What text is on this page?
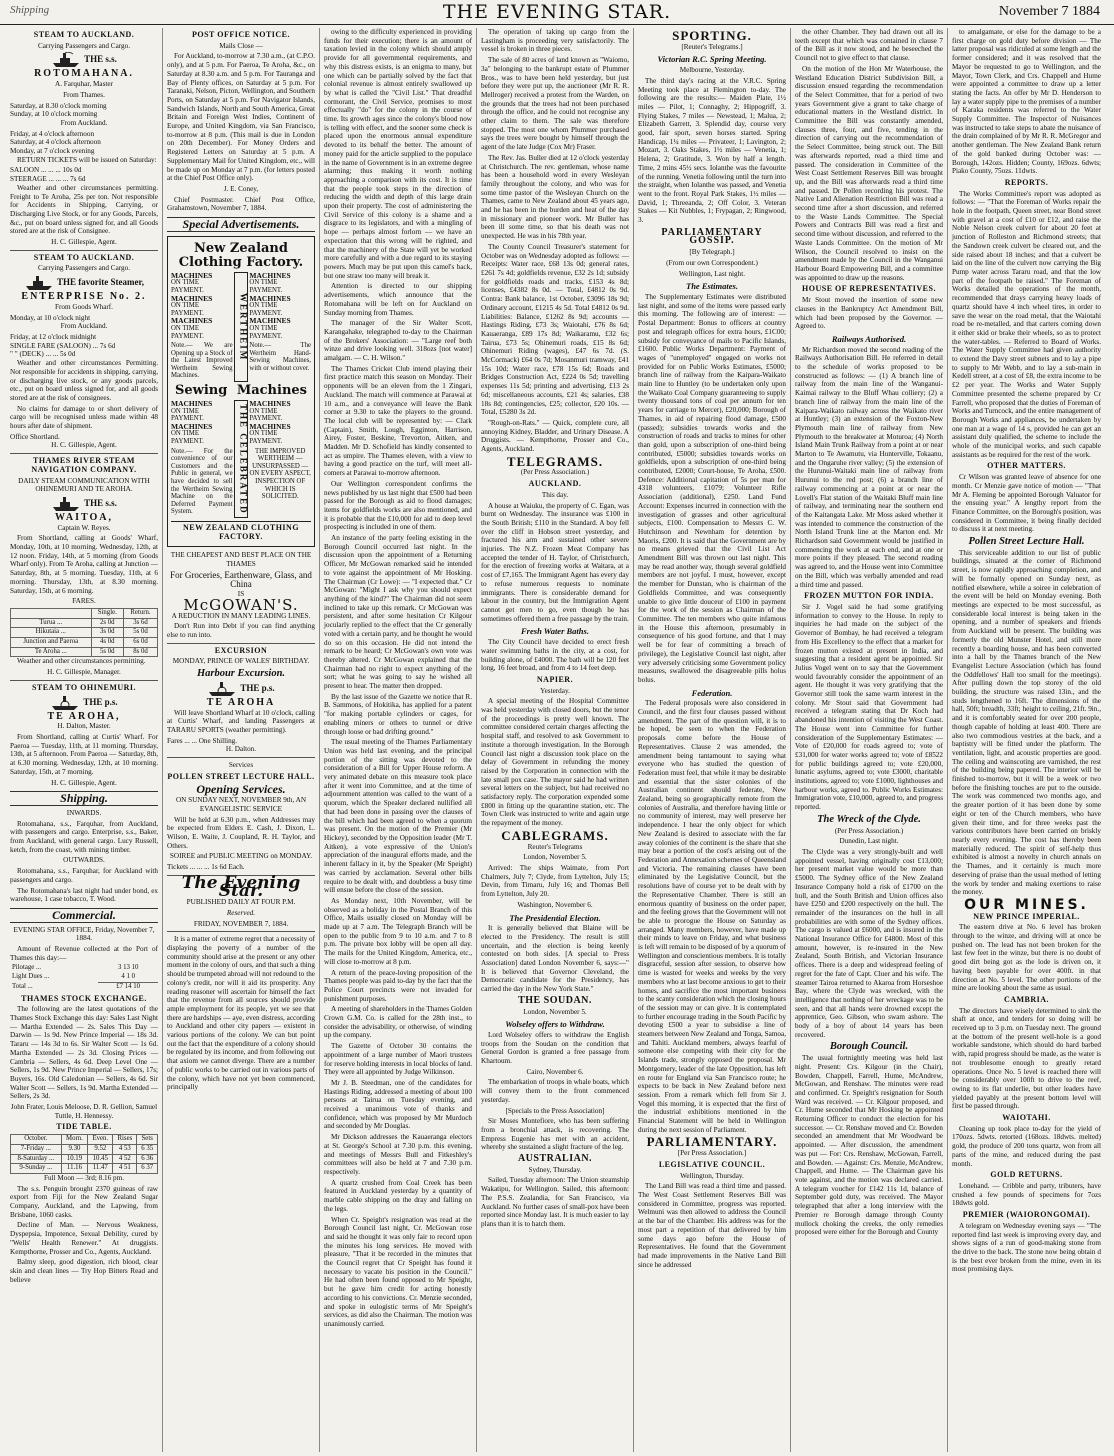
Shipping	THE EVENING STAR.	November 7 1884
STEAM TO AUCKLAND.

Carrying Passengers and Cargo.

THE s.s.

ROTOMAHANA.

A. Farquhar, Master

From Thames.

Saturday, at 8.30 o'clock morning

Sunday, at 10 o'clock morning

From Auckland.

Friday, at 4 o'clock afternoon

Saturday, at 4 o'clock afternoon

Monday, at 7 o'clock evening

RETURN TICKETS will be issued on Saturday:

SALOON ... ... ... 10s 0d

STEERAGE ... ... ... 7s 6d

Weather and other circumstances permitting. Freight to Te Aroha, 25s per ton. Not responsible for Accidents in Shipping, Carrying, or Discharging Live Stock, or for any Goods, Parcels, &c., put on board unless signed for, and all Goods stored are at the risk of Consignee.

H. C. Gillespie, Agent.

STEAM TO AUCKLAND.

Carrying Passengers and Cargo.

THE favorite Steamer,

ENTERPRISE No. 2.

From Goods Wharf.

Monday, at 10 o'clock night

From Auckland.

Friday, at 12 o'clock midnight

SINGLE FARE (SALOON) ... 7s 6d

" " (DECK) ... ... 5s 0d

Weather and other circumstances Permitting. Not responsible for accidents in shipping, carrying, or discharging live stock, or any goods parcels, etc., put on board unless signed for, and all goods stored are at the risk of consignees.

No claims for damage to or short delivery of cargo will be recognised unless made within 48 hours after date of shipment.

Office Shortland.

H. C. Gillespie, Agent.

THAMES RIVER STEAM NAVIGATION COMPANY.

DAILY STEAM COMMUNICATION WITH OHINEMURI AND TE AROHA.

THE s.s.

WAITOA,

Captain W. Reyes.

From Shortland, calling at Goods' Wharf, Monday, 10th, at 10 morning. Wednesday, 12th, at 12 noon. Friday, 14th, at 5 morning (from Goods Wharf only). From Te Aroha, calling at Junction — Saturday, 8th, at 5 morning. Tuesday, 11th, at 6 morning. Thursday, 13th, at 8.30 morning. Saturday, 15th, at 6 morning.

FARES.

	Single.	Return.
Turua ...	2s 0d	3s 6d
Hikutaia ...	3s 0d	5s 0d
Junction and Paeroa	4s 0d	6s 0d
Te Aroha ...	5s 0d	8s 0d

Weather and other circumstances permitting.

H. C. Gillespie, Manager.

STEAM TO OHINEMURI.

THE p.s.

TE AROHA,

H. Dalton, Master.

From Shortland, calling at Curtis' Wharf. For Paeroa — Tuesday, 11th, at 11 morning. Thursday, 13th, at 5 afternoon. From Paeroa — Saturday, 8th, at 6.30 morning. Wednesday, 12th, at 10 morning. Saturday, 15th, at 7 morning.

H. C. Gillespie, Agent.

Shipping.

INWARDS.

Rotomahana, s.s., Farquhar, from Auckland, with passengers and cargo. Enterprise, s.s., Baker, from Auckland, with general cargo. Lucy Russell, ketch, from the coast, with mining timber.

OUTWARDS.

Rotomahana, s.s., Farquhar, for Auckland with passengers and cargo.

The Rotomahana's last night had under bond, ex warehouse, 1 case tobacco, T. Wood.

Commercial.

EVENING STAR OFFICE, Friday, November 7, 1884.

Amount of Revenue collected at the Port of Thames this day:—

Pilotage ...	3 13 10
Light Dues ...	4 1 0
Total ...	£7 14 10
THAMES STOCK EXCHANGE.

The following are the latest quotations of the Thames Stock Exchange this day: Sales Last Night — Martha Extended — 2s. Sales This Day — Darwin — 1s 9d. New Prince Imperial — 18s 3d. Tararu — 14s 3d to 6s. Sir Walter Scott — 1s 6d. Martha Extended — 2s 3d. Closing Prices — Cambria — Sellers, 4s 6d. Deep Level One — Sellers, 1s 9d. New Prince Imperial — Sellers, 17s; Buyers, 16s. Old Caledonian — Sellers, 4s 6d. Sir Walter Scott — Sellers, 1s 9d. Martha Extended — Sellers, 2s 3d.

John Frater, Louis Meloose, D. R. Gellion, Samuel Tuttle, H. Hennessy.

TIDE TABLE.
October.	Morn.	Even.	Rises	Sets
7-Friday ...	9.30	9.52	4 53	6 35
8-Saturday ...	10.19	10.45	4 52	6 36
9-Sunday ...	11.16	11.47	4 51	6 37

Full Moon — 3rd; 8.16 pm.

The s.s. Penguin brought 2370 guineas of raw export from Fiji for the New Zealand Sugar Company, Auckland, and the Lapwing, from Brisbane, 1060 casks.

Decline of Man. — Nervous Weakness, Dyspepsia, Impotence, Sexual Debility, cured by "Wells' Health Renewer." At druggists. Kempthorne, Prosser and Co., Agents, Auckland.

Balmy sleep, good digestion, rich blood, clear skin and clean lines — Try Hop Bitters Read and believe

POST OFFICE NOTICE.

Mails Close —

For Auckland, to-morrow at 7.30 a.m., (at C.P.O. only), and at 5 p.m. For Paeroa, Te Aroha, &c., on Saturday at 8.30 a.m. and 5 p.m. For Tauranga and Bay of Plenty offices, on Saturday at 5 p.m. For Taranaki, Nelson, Picton, Wellington, and Southern Ports, on Saturday at 5 p.m. For Navigator Islands, Sandwich Islands, North and South America, Great Britain and Foreign West Indies, Continent of Europe, and United Kingdom, via San Francisco, to-morrow at 8 p.m. (This mail is due in London on 20th December). For Money Orders and Registered Letters on Saturday at 5 p.m. A Supplementary Mail for United Kingdom, etc., will be made up on Monday at 7 p.m. (for letters posted at the Chief Post Office only).

J. E. Coney,

Chief Postmaster. Chief Post Office, Grahamstown, November 7, 1884.

Special Advertisements.
New Zealand Clothing Factory.
MACHINES
ON TIME
PAYMENT.
MACHINES
ON TIME
PAYMENT.
MACHINES
ON TIME
PAYMENT.

Note.— We are Opening up a Stock of the Latest Improved Wertheim Sewing Machines.

WERTHEIM
MACHINES
ON TIME
PAYMENT.
MACHINES
ON TIME
PAYMENT.
MACHINES
ON TIME
PAYMENT.

Note.— The Wertheim Hand-Sewing Machines, with or without cover.

Sewing Machines
MACHINES
ON TIME
PAYMENT.
MACHINES
ON TIME
PAYMENT.

Note.— For the convenience of our Customers and the Public in general, we have decided to sell the Wertheim Sewing Machine on the Deferred Payment System.	THE CELEBRATED
MACHINES
ON TIME
PAYMENT.
MACHINES
ON TIME
PAYMENT.

THE IMPROVED WERTHEIM — UNSURPASSED — ON EVERY ASPECT, INSPECTION OF WHICH IS SOLICITED.

NEW ZEALAND CLOTHING FACTORY.

THE CHEAPEST AND BEST PLACE ON THE THAMES

For Groceries, Earthenware, Glass, and China

IS

McGOWAN'S.

A REDUCTION IN MANY LEADING LINES.

Don't Run into Debt if you can find anything else to run into.

EXCURSION

MONDAY, PRINCE OF WALES' BIRTHDAY.

Harbour Excursion.

THE p.s.

TE AROHA

Will leave Shortland Wharf at 10 o'clock, calling at Curtis' Wharf, and landing Passengers at TARARU SPORTS (weather permitting).

Fares ... ... One Shilling.

H. Dalton.

Services

POLLEN STREET LECTURE HALL.
Opening Services.

ON SUNDAY NEXT, NOVEMBER 9th, AN EVANGELISTIC SERVICE

Will be held at 6.30 p.m., when Addresses may be expected from Elders E. Cash, J. Dixon, L. Wilson, E. Waite, J. Coupland, R. H. Taylor, and Others.

SOIREE and PUBLIC MEETING on MONDAY.

Tickets ... ... ... 1s 6d Each.

The Evening Star.

PUBLISHED DAILY AT FOUR P.M.

Reserved.

FRIDAY, NOVEMBER 7, 1884.

It is a matter of extreme regret that a necessity of displaying the poverty of a number of the community should arise at the present or any other moment in the colony of ours, and that such a thing should be trumpeted abroad will not redound to the colony's credit, nor will it aid its prosperity. Any reading reasoner will ascertain for himself the fact that the revenue from all sources should provide ample employment for its people, yet we see that there are hardships — aye, even distress, according to Auckland and other city papers — existent in various portions of the colony. We can but point out the fact that the expenditure of a colony should be regulated by its income, and from following out that axiom we cannot diverge. There are a number of public works to be carried out in various parts of the colony, which have not yet been commenced, principally

owing to the difficulty experienced in providing funds for their execution; there is an amount of taxation levied in the colony which should amply provide for all governmental requirements, and why this distress exists, is an enigma to many, but one which can be partially solved by the fact that colonial revenue is almost entirely swallowed up by what is called the "Civil List." That dreadful cormorant, the Civil Service, promises to most effectually "do" for the colony in the course of time. Its growth ages since the colony's blood now is telling with effect, and the sooner some check is placed upon the enormous annual expenditure devoted to its behalf the better. The amount of money paid for the article supplied to the populace in the name of Government is in an extreme degree alarming; thus making it worth nothing approaching a comparison with its cost. It is time that the people took steps in the direction of reducing the width and depth of this large drain upon their property. The cost of administering the Civil Service of this colony is a shame and a disgrace to its legislators, and with a mingling of hope — perhaps almost forlorn — we have an expectation that this wrong will be righted, and that the machinery of the State will yet be worked more carefully and with a due regard to its staying powers. Much may be put upon this camel's back, but one straw too many will break it.

Attention is directed to our shipping advertisements, which announce that the Rotomahana will be left on for Auckland on Sunday morning from Thames.

The manager of the Sir Walter Scott, Karangahake, telegraphed to-day to the Chairman of the Brokers' Association: — "Large reef both winze and drive looking well. 318ozs [not water] amalgam. — C. H. Wilson."

The Thames Cricket Club intend playing their first practice match this season on Monday. Their opponents will be an eleven from the 1 Zingari, Auckland. The match will commence at Parawai at 10 a.m., and a conveyance will leave the Bank corner at 9.30 to take the players to the ground. The local club will be represented by: — Clark (Captain), Smith, Lough, Egginton, Harrison, Airey, Foster, Beskine, Trevorton, Aitken, and Madden. Mr D. Schofield has kindly consented to act as umpire. The Thames eleven, with a view to having a good practice on the turf, will meet all-comers at Parawai to-morrow afternoon.

Our Wellington correspondent confirms the news published by us last night that £500 had been passed for the Borough as aid to flood damages; items for goldfields works are also mentioned, and it is probable that the £10,000 for aid to deep level prospecting is included in one of them.

An instance of the party feeling existing in the Borough Council occurred last night. In the discussion upon the appointment of a Returning Officer, Mr McGowan remarked said he intended to vote against the appointment of Mr Hosking. The Chairman (Cr Lowe): — "I expected that." Cr McGowan: "Might I ask why you should expect anything of the kind?" The Chairman did not seem inclined to take up this remark. Cr McGowan was persistent, and after some hesitation Cr Kilgour jocularly replied to the effect that the Cr generally voted with a certain party, and he thought he would do so on this occasion. He did not intend the remark to be heard; Cr McGowan's own vote was thereby altered. Cr McGowan explained that the Chairman had no right to expect anything of the sort; what he was going to say he wished all present to hear. The matter then dropped.

By the last issue of the Gazette we notice that R. B. Sammons, of Hokitika, has applied for a patent "for making portable cylinders or cages, for enabling miners or others to tunnel or drive through loose or bad drifting ground."

The usual meeting of the Thames Parliamentary Union was held last evening, and the principal portion of the sitting was devoted to the consideration of a Bill for Upper House reform. A very animated debate on this measure took place after it went into Committee, and at the time of adjournment attention was called to the want of a quorum, which the Speaker declared nullified all that had been done in passing over the clauses of the bill which had been agreed to when a quorum was present. On the motion of the Premier (Mr Hickey), seconded by the Opposition leader (Mr T. Aitken), a vote expressive of the Union's appreciation of the inaugural efforts made, and the inherent fallacy in it, by the Speaker (Mr Speight) was carried by acclamation. Several other bills require to be dealt with, and doubtless a busy time will ensue before the close of the session.

As Monday next, 10th November, will be observed as a holiday in the Postal Branch of this Office, Mails usually closed on Monday will be made up at 7 a.m. The Telegraph Branch will be open to the public from 9 to 10 a.m. and 7 to 8 p.m. The private box lobby will be open all day. The mails for the United Kingdom, America, etc., will close to-morrow at 8 p.m.

A return of the peace-loving proposition of the Thames people was paid to-day by the fact that the Police Court precincts were not invaded for punishment purposes.

A meeting of shareholders in the Thames Golden Crown G.M. Co. is called for the 28th inst., to consider the advisability, or otherwise, of winding up the company.

The Gazette of October 30 contains the appointment of a large number of Maori trustees for reserve holding interests in local blocks of land. They were all appointed by Judge Wilkinson.

Mr J. B. Steedman, one of the candidates for Hastings Riding, addressed a meeting of about 100 persons at Tairua on Tuesday evening, and received a unanimous vote of thanks and confidence, which was proposed by Mr Murdoch and seconded by Mr Douglas.

Mr Dickson addresses the Kauaeranga electors at St. George's School at 7.30 p.m. this evening, and meetings of Messrs Bull and Fitkeshley's committees will also be held at 7 and 7.30 p.m. respectively.

A quartz crushed from Coal Creek has been featured in Auckland yesterday by a quantity of marble cable shipping on the dray and falling on the legs.

When Cr. Speight's resignation was read at the Borough Council last night, Cr. McGowan rose and said he thought it was only fair to record upon the minutes his long services. He moved with pleasure, "That it be recorded in the minutes that the Council regret that Cr Speight has found it necessary to vacate his position in the Council." He had often been found opposed to Mr Speight, but he gave him credit for acting honestly according to his convictions. Cr. Menzie seconded, and spoke in eulogistic terms of Mr Speight's services, as did also the Chairman. The motion was unanimously carried.

The operation of taking up cargo from the Lastingham is proceeding very satisfactorily. The vessel is broken in three pieces.

The sale of 80 acres of land known as "Waiomo, 3a" belonging to the bankrupt estate of Plummer Bros., was to have been held yesterday, but just before they were put up, the auctioneer (Mr R. R. Mellroger) received a protest from the Warden, on the grounds that the trees had not been purchased through the office, and he could not recognise any other claim to them. The sale was therefore stopped. The most one whom Plummer purchased says the trees were bought by himself through the agent of the late Judge (Cox Mr) Fraser.

The Rev. Jas. Buller died at 12 o'clock yesterday at Christchurch. The rev. gentleman, whose name has been a household word in every Wesleyan family throughout the colony, and who was for some time pastor of the Wesleyan Church on the Thames, came to New Zealand about 45 years ago, and he has been in the burden and heat of the day in missionary and pioneer work. Mr Buller has been ill some time, so that his death was not unexpected. He was in his 78th year.

The County Council Treasurer's statement for October was on Wednesday adopted as follows: — Receipts: Water race, £68 13s 0d; general rates, £261 7s 4d; goldfields revenue, £32 2s 1d; subsidy for goldfields roads and tracks, £153 4s 8d; licenses, £4382 8s 0d. — Total, £4812 0s 9d. Contra: Bank balance, 1st October, £3096 18s 9d; Ordinary account, £1215 4s 5d. Total £4812 0s 9d. Liabilities: Balance, £1262 8s 9d; accounts — Hastings Riding, £73 3s; Waiotahi, £76 8s 6d; Kauaeranga, £89 17s 8d; Waikaramu, £32 6s; Tairua, £73 5s; Ohinemuri roads, £15 8s 6d; Ohinemuri Riding (wages), £47 6s 7d. (S. McCormack) £64 0s 7d; Mosanmuri tramway, £41 15s 10d; Water race, £78 15s 6d; Roads and Bridges Construction Act, £224 0s 5d; travelling expenses 11s 5d; printing and advertising, £13 2s 6d; miscellaneous accounts, £21 4s; salaries, £38 18s 8d; contingencies, £25; collector, £20 10s. — Total, £5280 3s 2d.

"Rough-on-Rats." — Quick, complete cure, all annoying Kidney, Bladder, and Urinary Disease. A Druggists. — Kempthorne, Prosser and Co., Agents, Auckland.

TELEGRAMS.

(Per Press Association.)

AUCKLAND.

This day.

A house at Waiuku, the property of C. Egan, was burnt on Wednesday. The insurance was £100 in the South British; £110 in the Standard. A boy fell over the cliff in Hobson street yesterday, and fractured his arm and sustained other severe injuries. The N.Z. Frozen Meat Company has accepted the tender of H. Taylor, of Christchurch, for the erection of freezing works at Waitara, at a cost of £7,165. The Immigrant Agent has every day to refuse numerous requests to nominate immigrants. There is considerable demand for labour in the country, but the Immigration Agent cannot get men to go, even though he has sometimes offered them a free passage by the train.

Fresh Water Baths.

The City Council have decided to erect fresh water swimming baths in the city, at a cost, for building alone, of £4000. The bath will be 120 feet long, 16 feet broad, and from 4 to 14 feet deep.

NAPIER.

Yesterday.

A special meeting of the Hospital Committee was held yesterday with closed doors, but the tenor of the proceedings is pretty well known. The committee considered certain charges affecting the hospital staff, and resolved to ask Government to institute a thorough investigation. In the Borough Council last night a discussion took place on the delay of Government in refunding the money raised by the Corporation in connection with the late small pox case. The mayor said he had written several letters on the subject, but had received no satisfactory reply. The corporation expended some £800 in fitting up the quarantine station, etc. The Town Clerk was instructed to write and again urge the repayment of the money.

CABLEGRAMS.

Reuter's Telegrams

London, November 5.

Arrived: The ships Waimate, from Port Chalmers, July 7; Clyde, from Lyttelton, July 15; Devin, from Timaru, July 16; and Thomas Bell from Lyttelton, July 20.

Washington, November 6.

The Presidential Election.

It is generally believed that Blaine will be elected to the Presidency. The result is still uncertain, and the election is being keenly contested on both sides. [A special to Press Association] dated London November 6, says:—" It is believed that Governor Cleveland, the Democratic candidate for the Presidency, has carried the day in the New York State."

THE SOUDAN.

London, November 5.

Wolseley offers to Withdraw.

Lord Wolseley offers to withdraw the English troops from the Soudan on the condition that General Gordon is granted a free passage from Khartoum.

Cairo, November 6.

The embarkation of troops in whale boats, which will convey them to the front commenced yesterday.

[Specials to the Press Association]

Sir Moses Montefiore, who has been suffering from a bronchial attack, is recovering. The Empress Eugenie has met with an accident, whereby she sustained a slight fracture of the leg.

AUSTRALIAN.

Sydney, Thursday.

Sailed, Tuesday afternoon: The Union steamship Wakatipu, for Wellington. Sailed, this afternoon: The P.S.S. Zealandia, for San Francisco, via Auckland. No further cases of small-pox have been reported since Monday last. It is much easier to lay plans than it is to hatch them.

SPORTING.

[Reuter's Telegrams.]

Victorian R.C. Spring Meeting.

Melbourne, Yesterday.

The third day's racing at the V.R.C. Spring Meeting took place at Flemington to-day. The following are the results:— Maiden Plate, 1½ miles — Pilot, 1; Connaghy, 2; Hippogriff, 3. Flying Stakes, 7 miles — Newstead, 1; Malua, 2; Elizabeth Garrett, 3. Splendid day, course very good, fair sport, seven horses started. Spring Handicap, 1¼ miles — Privateer, 1; Lavington, 2; Mozart, 3. Oaks Stakes, 1½ miles — Venetia, 1; Helena, 2; Gratitude, 3. Won by half a length. Time, 2 mins 45½ secs. Iolanthe was the favourite of the running. Venetia following until the turn into the straight, when Iolanthe was passed, and Venetia went to the front. Royal Park Stakes, 1½ miles — David, 1; Threeanda, 2; Off Color, 3. Veteran Stakes — Kit Nubbles, 1; Frypagan, 2; Ringwood, 3.

PARLIAMENTARY GOSSIP.

[By Telegraph.]

(From our own Correspondent.)

Wellington, Last night.

The Estimates.

The Supplementary Estimates were distributed last night, and some of the items were passed early this morning. The following are of interest: — Postal Department: Bonus to officers at country post and telegraph offices for extra hours, £1C00; subsidy for conveyance of mails to Pacific Islands, £1600. Public Works Department: Payment of wages of "unemployed" engaged on works not provided for on Public Works Estimates, £5000; branch line of railway from the Kaipara-Waikato main line to Huntley (to be undertaken only upon the Waikato Coal Company guaranteeing to supply twenty thousand tons of coal per annum for ten years for carriage to Mercer), £20,000; Borough of Thames, in aid of repairing flood damage, £500 (passed); subsidies towards works and the construction of roads and tracks to mines for other than gold, upon a subscription of one-third being contributed, £5000; subsidies towards works on goldfields, upon a subscription of one-third being contributed, £2000; Court-house, Te Aroha, £500. Defence: Additional capitation of 5s per man for 4318 volunteers, £1079; Volunteer Rifle Association (additional), £250. Land Fund Account: Expenses incurred in connection with the investigation of grasses and other agricultural subjects, £100. Compensation to Messrs C. W. Hutchinson and Newnham for detention by Maoris, £200. It is said that the Government are by no means grieved that the Civil List Act Amendment Bill was thrown out last night. This may be read another way, though several goldfield members are not joyful. I must, however, except the member for Dunstan, who is chairman of the Goldfields Committee, and was consequently unable to give little douceur of £100 in payment for the work of the session as Chairman of the Committee. The ten members who quite infamous in the House this afternoon, presumably in consequence of his good fortune, and that I may well be for fear of committing a breach of privilege), the Legislative Council last night, after very adversely criticising some Government policy measures, swallowed the disagreeable pills holus bolus.

Federation.

The Federal proposals were also considered in Council, and the first four clauses passed without amendment. The part of the question will, it is to be hoped, be seen to when the Federation proposals come before the House of Representatives. Clause 2 was amended, the amendment being tantamount to saying what everyone who has studied the question of Federation must feel, that while it may be desirable and essential that the sister colonies of the Australian continent should federate, New Zealand, being so geographically remote from the colonies of Australia, and therefore having little or no community of interest, may well preserve her independence. I hear the only object for which New Zealand is desired to associate with the far away colonies of the continent is the share that she may bear a portion of the cost's arising out of the Federation and Annexation schemes of Queensland and Victoria. The remaining clauses have been eliminated by the Legislative Council, but the resolutions have of course yet to be dealt with by the Representative Chamber. There is still an enormous quantity of business on the order paper, and the feeling grows that the Government will not be able to prorogue the House on Saturday as arranged. Many members, however, have made up their minds to leave on Friday, and what business is left will remain to be disposed of by a quorum of Wellington and conscientious members. It is totally disgraceful, session after session, to observe how time is wasted for weeks and weeks by the very members who at last become anxious to get to their homes, and sacrifice the most important business to the scanty consideration which the closing hours of the session may or can give. It is contemplated to further encourage trading in the South Pacific by devoting £500 a year to subsidise a line of steamers between New Zealand and Tonga, Samoa, and Tahiti. Auckland members, always fearful of someone else competing with their city for the Islands trade, strongly opposed the proposal. Mr Montgomery, leader of the late Opposition, has left en route for England via San Francisco route; he expects to be back in New Zealand before next session. From a remark which fell from Sir J. Vogel this morning, it is expected that the first of the industrial exhibitions mentioned in the Financial Statement will be held in Wellington during the next session of Parliament.

PARLIAMENTARY.

[Per Press Association.]

LEGISLATIVE COUNCIL.

Wellington, Thursday.

The Land Bill was read a third time and passed. The West Coast Settlement Reserves Bill was considered in Committee, progress was reported. Welmuni was then allowed to address the Council at the bar of the Chamber. His address was for the most part a repetition of that delivered by him some days ago before the House of Representatives. He found that the Government had made improvements in the Native Land Bill since he addressed

the other Chamber. They had drawn out all its teeth except that which was contained in clause 7 of the Bill as it now stood, and he beseeched the Council not to give effect to that clause.

On the motion of the Hon Mr Waterhouse, the Westland Education District Subdivision Bill, a discussion ensued regarding the recommendation of the Select Committee, that for a period of two years Government give a grant to take charge of educational matters in the Westland district. In Committee the Bill was constantly amended, clauses three, four, and five, tending in the direction of carrying out the recommendation of the Select Committee, being struck out. The Bill was afterwards reported, read a third time and passed. The consideration in Committee of the West Coast Settlement Reserves Bill was brought up, and the Bill was afterwards read a third time and passed. Dr Pollen recording his protest. The Native Land Alienation Restriction Bill was read a second time after a short discussion, and referred to the Waste Lands Committee. The Special Powers and Contracts Bill was read a first and second time without discussion, and referred to the Waste Lands Committee. On the motion of Mr Wilson, the Council resolved to insist on the amendment made by the Council in the Wanganui Harbour Board Empowering Bill, and a committee was appointed to draw up the reasons.

HOUSE OF REPRESENTATIVES.

Mr Stout moved the insertion of some new clauses in the Bankruptcy Act Amendment Bill, which had been proposed by the Governor. — Agreed to.

Railways Authorised.

Mr Richardson moved the second reading of the Railways Authorisation Bill. He referred in detail to the schedule of works proposed to be constructed as follows: — (1) A branch line of railway from the main line of the Wanganui-Kaimai railway to the Bluff Whau colliery; (2) a branch line of railway from the main line of the Kaipara-Waikato railway across the Waikato river at Huntley; (3) an extension of the Foxton-New Plymouth main line of railway from New Plymouth to the breakwater at Moturoa; (4) North Island Main Trunk Railway from a point at or near Marton to Te Awamutu, via Hunterville, Tokaanu, and the Ongaruhe river valley; (5) the extension of the Hurunui-Waitaki main line of railway from Hurunui to the red post; (6) a branch line of railway commencing at a point at or near the Lovell's Flat station of the Waitaki Bluff main line of railway, and terminating near the southern end of the Kaitangata Lake. Mr Moss asked whether it was intended to commence the construction of the North Island Trunk line at the Marton end. Mr Richardson said Government would be justified in commencing the work at each end, and at one or more points if they pleased. The second reading was agreed to, and the House went into Committee on the Bill, which was verbally amended and read a third time and passed.

FROZEN MUTTON FOR INDIA.

Sir J. Vogel said he had some gratifying information to convey to the House. In reply to inquiries he had made on the subject of the Governor of Bombay, he had received a telegram from His Excellency to the effect that a market for frozen mutton existed at present in India, and suggesting that a resident agent be appointed. Sir Julius Vogel went on to say that the Government would favourably consider the appointment of an agent. He thought it was very gratifying that the Governor still took the same warm interest in the colony. Mr Stout said that Government had received a telegram stating that Dr Koch had abandoned his intention of visiting the West Coast. The House went into Committee for further consideration of the Supplementary Estimates: — Vote of £20,000 for roads agreed to; vote of £31,000 for water works agreed to; vote of £8522 for public buildings agreed to; vote £20,000, lunatic asylums, agreed to; vote £3000, charitable institutions, agreed to; vote £1000, lighthouses and harbour works, agreed to. Public Works Estimates: Immigration vote, £10,000, agreed to, and progress reported.

The Wreck of the Clyde.

(Per Press Association.)

Dunedin, Last night.

The Clyde was a very strongly-built and well appointed vessel, having originally cost £13,000; her present market value would be more than £5000. The Sydney office of the New Zealand Insurance Company hold a risk of £1700 on the hull, and the South British and Union offices also have £250 and £200 respectively on the hull. The remainder of the insurances on the hull in all probabilities are with some of the Sydney offices. The cargo is valued at £6000, and is insured in the National Insurance Office for £4800. Most of this amount, however, is re-insured in the New Zealand, South British, and Victorian Insurance offices. There is a deep and widespread feeling of regret for the fate of Capt. Cluer and his wife. The steamer Tairoa returned to Akaroa from Horseshoe Bay, where the Clyde was wrecked, with the intelligence that nothing of her wreckage was to be seen, and that all hands were drowned except the apprentice, Geo. Gibson, who swam ashore. The body of a boy of about 14 years has been recovered.

Borough Council.

The usual fortnightly meeting was held last night. Present: Crs. Kilgour (in the Chair), Bowden, Chappell, Farrell, Hume, McAndrew, McGowan, and Renshaw. The minutes were read and confirmed. Cr. Speight's resignation for South Ward was received. — Cr. Kilgour proposed, and Cr. Hume seconded that Mr Hosking be appointed Returning Officer to conduct the election for his successor. — Cr. Renshaw moved and Cr. Bowden seconded an amendment that Mr Woodward be appointed. — After discussion, the amendment was put — For: Crs. Renshaw, McGowan, Farrell, and Bowden. — Against: Crs. Menzie, McAndrew, Chappell, and Hume. — The Chairman gave his vote against, and the motion was declared carried. A telegram voucher for £142 11s 1d, balance of September gold duty, was received. The Mayor telegraphed that after a long interview with the Premier re Borough damage through County mullock choking the creeks, the only remedies proposed were either for the Borough and County

to amalgamate, or else for the damage to be a first charge on gold duty before division — The latter proposal was ridiculed at some length and the former considered; and it was resolved that the Mayor be requested to go to Wellington, and the Mayor, Town Clerk, and Crs. Chappell and Hume were appointed a committee to draw up a letter stating the facts. An offer by Mr D. Henderson to lay a water supply pipe to the premises of a number of Karaka residents was referred to the Water Supply Committee. The Inspector of Nuisances was instructed to take steps to abate the nuisance of the drain complained of by Mr R. R. McGregor and another gentleman. The New Zealand Bank return of the gold banked during October was: — Borough, 142ozs. Hidden; County, 169ozs. 6dwts; Piako County, 75ozs. 11dwts.

REPORTS.

The Works Committee's report was adopted as follows: — "That the Foreman of Works repair the hole in the footpath, Queen street, near Bond street with gravel at a cost of £10 or £12, and raise the Noble Nelson creek culvert for about 20 feet at junction of Rolleston and Richmond streets; that the Sandown creek culvert be cleared out, and the side raised about 18 inches; and that a culvert be laid on the line of the culvert now carrying the Big Pump water across Tararu road, and that the low part of the footpath be raised." The Foreman of Works detailed the operations of the month, recommended that drays carrying heavy loads of quartz should have 4 inch wheel tires, in order to save the wear on the road metal, that the Waiotahi road be re-metalled, and that carters coming down it either skid or brake their wheels, so as to protect the water-tables. — Referred to Board of Works. The Water Supply Committee had given authority to extend the Davy street subnets and to lay a pipe to supply to Mr Webb, and to lay a sub-main in Kedell street, at a cost of £8, the extra income to be £2 per year. The Works and Water Supply Committee presented the scheme prepared by Cr Farrell, who proposed that the duties of Foreman of Works and Turncock, and the entire management of Borough Works and appliances, be undertaken by one man at a wage of 14 s, provided he can get an assistant duly qualified, the scheme to include the whole of the municipal works, and such capable assistants as be required for the rest of the work.

OTHER MATTERS.

Cr Wilson was granted leave of absence for one month. Cr Menzie gave notice of motion — "That Mr A. Fleming be appointed Borough Valuator for the ensuing year." A lengthy report from the Finance Committee, on the Borough's position, was considered in Committee, it being finally decided to discuss it at next meeting.

Pollen Street Lecture Hall.

This serviceable addition to our list of public buildings, situated at the corner of Richmond street, is now rapidly approaching completion, and will be formally opened on Sunday next, as notified elsewhere, while a soiree in celebration of the event will be held on Monday evening. Both meetings are expected to be most successful, as considerable local interest is being taken in the opening, and a number of speakers and friends from Auckland will be present. The building was formerly the old Munster Hotel, and still more recently a boarding house, and has been converted into a hall by the Thames branch of the New Evangelist Lecture Association (which has found the Oddfellows' Hall too small for the meetings). After pulling down the top storey of the old building, the structure was raised 13in., and the studs lengthened to 16ft. The dimensions of the hall, 50ft; breadth, 33ft; height to ceiling, 21ft. 9in., and it is comfortably seated for over 200 people, though capable of holding at least 400. There are also two commodious vestries at the back, and a baptistry will be fitted under the platform. The ventilation, light, and acoustic properties are good. The ceiling and wainscoting are varnished, the rest of the building being papered. The interior will be finished to-morrow, but it will be a week or two before the finishing touches are put to the outside. The work was commenced two months ago, and the greater portion of it has been done by some eight or ten of the Church members, who have given their time, and for three weeks past the various contributors have been carried on briskly nearly every evening. The cost has thereby been materially reduced. The spirit of self-help thus exhibited is almost a novelty in church annals on the Thames, and it certainly is much more deserving of praise than the usual method of letting the work by tender and making exertions to raise the money.

OUR MINES.
NEW PRINCE IMPERIAL.

The eastern drive at No. 6 level has broken through to the winze, and driving will at once be pushed on. The lead has not been broken for the last few feet in the winze, but there is no doubt of good dirt being got as the lode is driven on, it having been payable for over 400ft. in that direction at No. 5 level. The other portions of the mine are looking about the same as usual.

CAMBRIA.

The directors have wisely determined to sink the shaft at once, and tenders for so doing will be received up to 3 p.m. on Tuesday next. The ground at the bottom of the present well-hole is a good workable sandstone, which should do hard barbed with, rapid progress should be made, as the water is not troublesome enough to greatly retard operations. Once No. 5 level is reached there will be considerably over 100ft to drive to the reef, owing to its flat underlie, but other leaders have yielded payably at the present bottom level will first be passed through.

WAIOTAHI.

Cleaning up took place to-day for the yield of 170ozs. 5dwts. retorted (168ozs. 18dwts. melted) gold, the produce of 200 tons quartz, won from all parts of the mine, and reduced during the past month.

GOLD RETURNS.

Lonehand. — Cribble and party, tributers, have crushed a few pounds of specimens for 7ozs 18dwts gold.

PREMIER (WAIORONGOMAI).

A telegram on Wednesday evening says — "The reported find last week is improving every day, and shows signs of a run of good-making stone from the drive to the back. The stone now being obtain d is the best ever broken from the mine, even in its most promising days.
